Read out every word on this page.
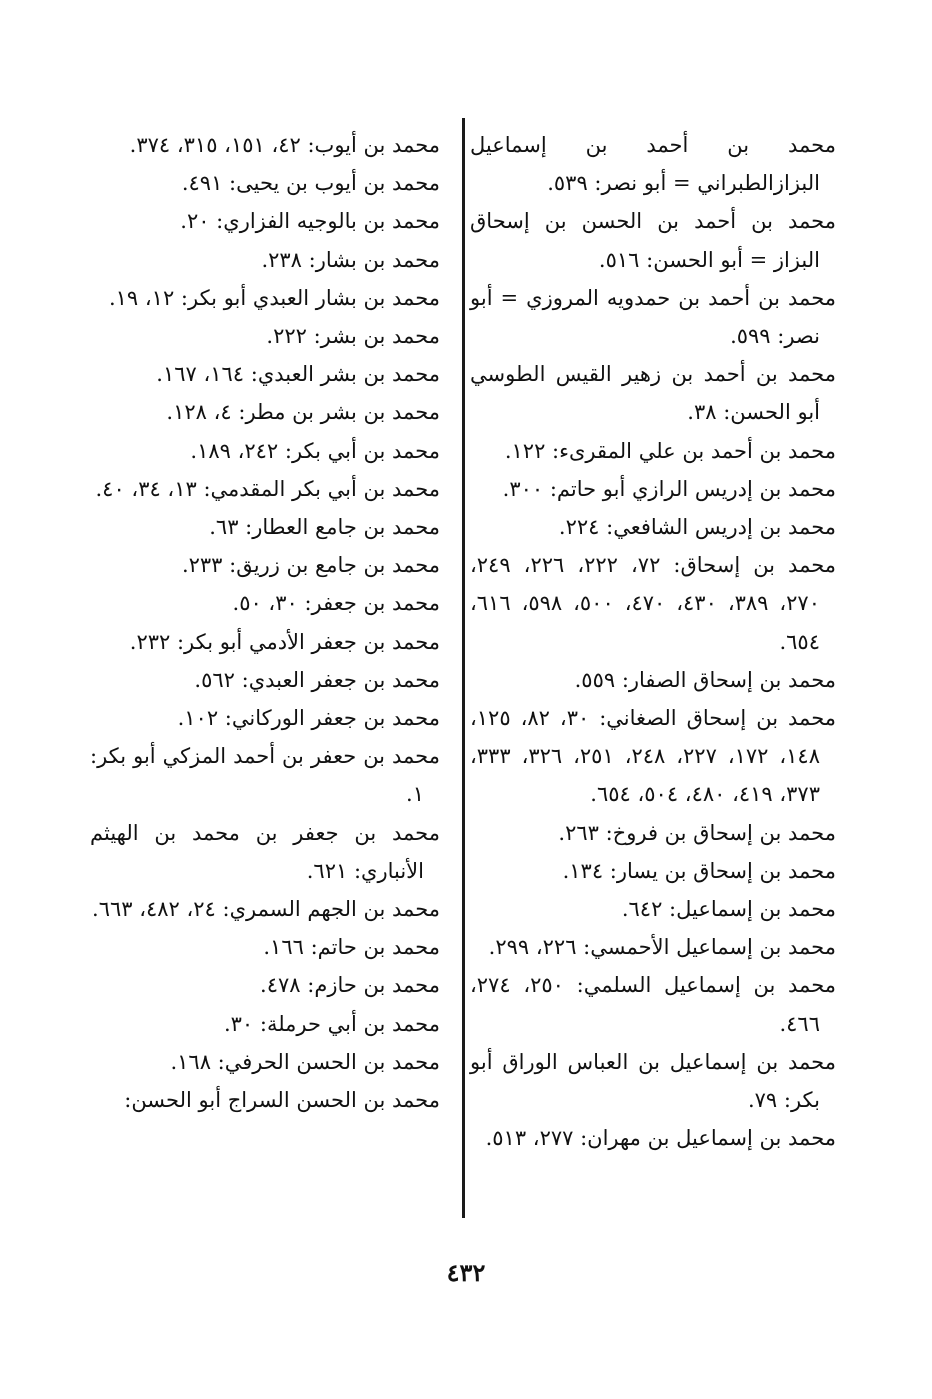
محمد بن أحمد بن إسماعيل البزازالطبراني = أبو نصر: ٥٣٩.

محمد بن أحمد بن الحسن بن إسحاق البزاز = أبو الحسن: ٥١٦.

محمد بن أحمد بن حمدويه المروزي = أبو نصر: ٥٩٩.

محمد بن أحمد بن زهير القيس الطوسي أبو الحسن: ٣٨.

محمد بن أحمد بن علي المقرىء: ١٢٢.

محمد بن إدريس الرازي أبو حاتم: ٣٠٠.

محمد بن إدريس الشافعي: ٢٢٤.

محمد بن إسحاق: ٧٢، ٢٢٢، ٢٢٦، ٢٤٩، ٢٧٠، ٣٨٩، ٤٣٠، ٤٧٠، ٥٠٠، ٥٩٨، ٦١٦، ٦٥٤.

محمد بن إسحاق الصفار: ٥٥٩.

محمد بن إسحاق الصغاني: ٣٠، ٨٢، ١٢٥، ١٤٨، ١٧٢، ٢٢٧، ٢٤٨، ٢٥١، ٣٢٦، ٣٣٣، ٣٧٣، ٤١٩، ٤٨٠، ٥٠٤، ٦٥٤.

محمد بن إسحاق بن فروخ: ٢٦٣.

محمد بن إسحاق بن يسار: ١٣٤.

محمد بن إسماعيل: ٦٤٢.

محمد بن إسماعيل الأحمسي: ٢٢٦، ٢٩٩.

محمد بن إسماعيل السلمي: ٢٥٠، ٢٧٤، ٤٦٦.

محمد بن إسماعيل بن العباس الوراق أبو بكر: ٧٩.

محمد بن إسماعيل بن مهران: ٢٧٧، ٥١٣.

محمد بن أيوب: ٤٢، ١٥١، ٣١٥، ٣٧٤.

محمد بن أيوب بن يحيى: ٤٩١.

محمد بن بالوجيه الفزاري: ٢٠.

محمد بن بشار: ٢٣٨.

محمد بن بشار العبدي أبو بكر: ١٢، ١٩.

محمد بن بشر: ٢٢٢.

محمد بن بشر العبدي: ١٦٤، ١٦٧.

محمد بن بشر بن مطر: ٤، ١٢٨.

محمد بن أبي بكر: ٢٤٢، ١٨٩.

محمد بن أبي بكر المقدمي: ١٣، ٣٤، ٤٠.

محمد بن جامع العطار: ٦٣.

محمد بن جامع بن زريق: ٢٣٣.

محمد بن جعفر: ٣٠، ٥٠.

محمد بن جعفر الأدمي أبو بكر: ٢٣٢.

محمد بن جعفر العبدي: ٥٦٢.

محمد بن جعفر الوركاني: ١٠٢.

محمد بن حعفر بن أحمد المزكي أبو بكر: ١.

محمد بن جعفر بن محمد بن الهيثم الأنباري: ٦٢١.

محمد بن الجهم السمري: ٢٤، ٤٨٢، ٦٦٣.

محمد بن حاتم: ١٦٦.

محمد بن حازم: ٤٧٨.

محمد بن أبي حرملة: ٣٠.

محمد بن الحسن الحرفي: ١٦٨.

محمد بن الحسن السراج أبو الحسن:

٤٣٢
